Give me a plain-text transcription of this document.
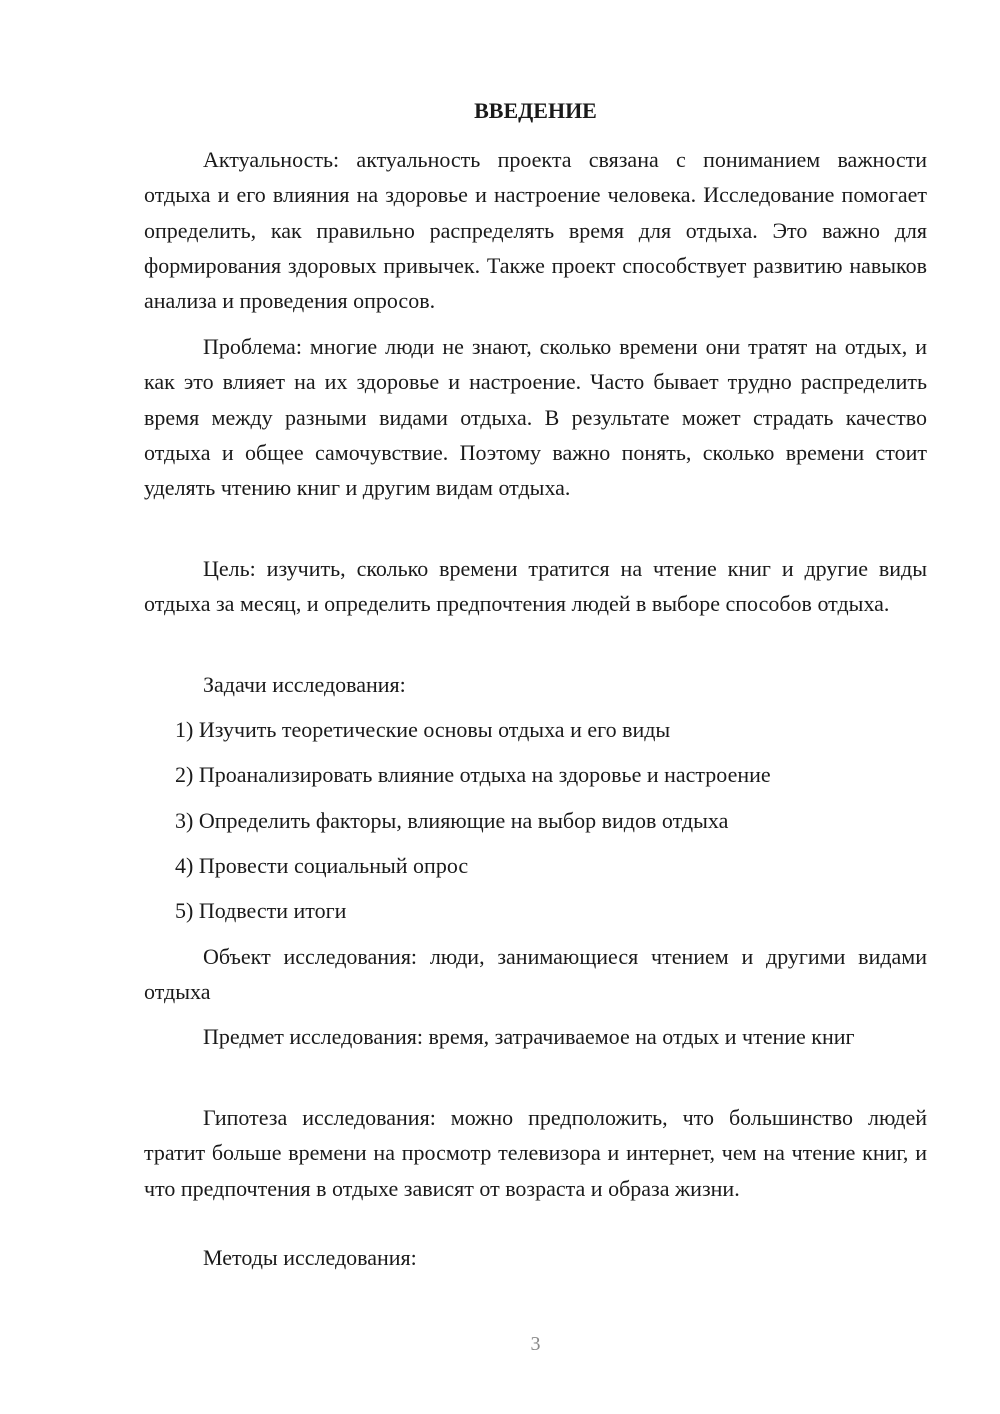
ВВЕДЕНИЕ

Актуальность: актуальность проекта связана с пониманием важности отдыха и его влияния на здоровье и настроение человека. Исследование помогает определить, как правильно распределять время для отдыха. Это важно для формирования здоровых привычек. Также проект способствует развитию навыков анализа и проведения опросов.

Проблема: многие люди не знают, сколько времени они тратят на отдых, и как это влияет на их здоровье и настроение. Часто бывает трудно распределить время между разными видами отдыха. В результате может страдать качество отдыха и общее самочувствие. Поэтому важно понять, сколько времени стоит уделять чтению книг и другим видам отдыха.

Цель: изучить, сколько времени тратится на чтение книг и другие виды отдыха за месяц, и определить предпочтения людей в выборе способов отдыха.

Задачи исследования:

1) Изучить теоретические основы отдыха и его виды

2) Проанализировать влияние отдыха на здоровье и настроение

3) Определить факторы, влияющие на выбор видов отдыха

4) Провести социальный опрос

5) Подвести итоги

Объект исследования: люди, занимающиеся чтением и другими видами отдыха

Предмет исследования: время, затрачиваемое на отдых и чтение книг

Гипотеза исследования: можно предположить, что большинство людей тратит больше времени на просмотр телевизора и интернет, чем на чтение книг, и что предпочтения в отдыхе зависят от возраста и образа жизни.

Методы исследования:

3
